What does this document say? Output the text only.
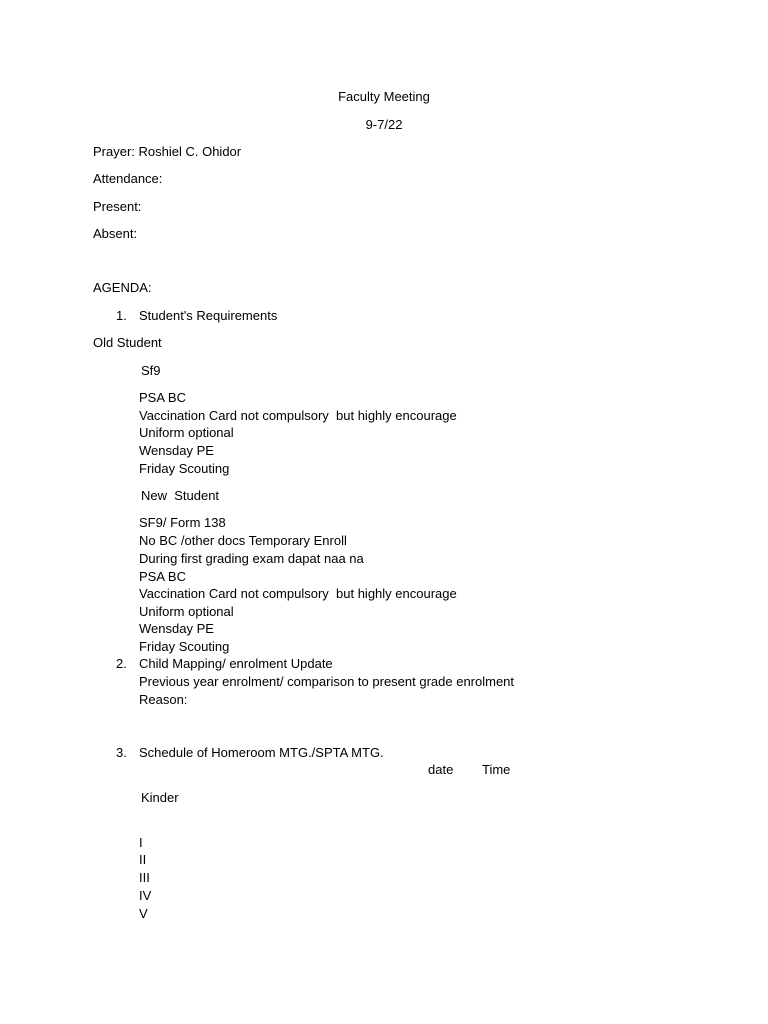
Faculty Meeting
9-7/22
Prayer: Roshiel C. Ohidor
Attendance:
Present:
Absent:
AGENDA:
1. Student's Requirements
Old Student
Sf9
PSA BC
Vaccination Card not compulsory  but highly encourage
Uniform optional
Wensday PE
Friday Scouting
New  Student
SF9/ Form 138
No BC /other docs Temporary Enroll
During first grading exam dapat naa na
PSA BC
Vaccination Card not compulsory  but highly encourage
Uniform optional
Wensday PE
Friday Scouting
2. Child Mapping/ enrolment Update
Previous year enrolment/ comparison to present grade enrolment
Reason:
3. Schedule of Homeroom MTG./SPTA MTG.
date Time
Kinder
I
II
III
IV
V
